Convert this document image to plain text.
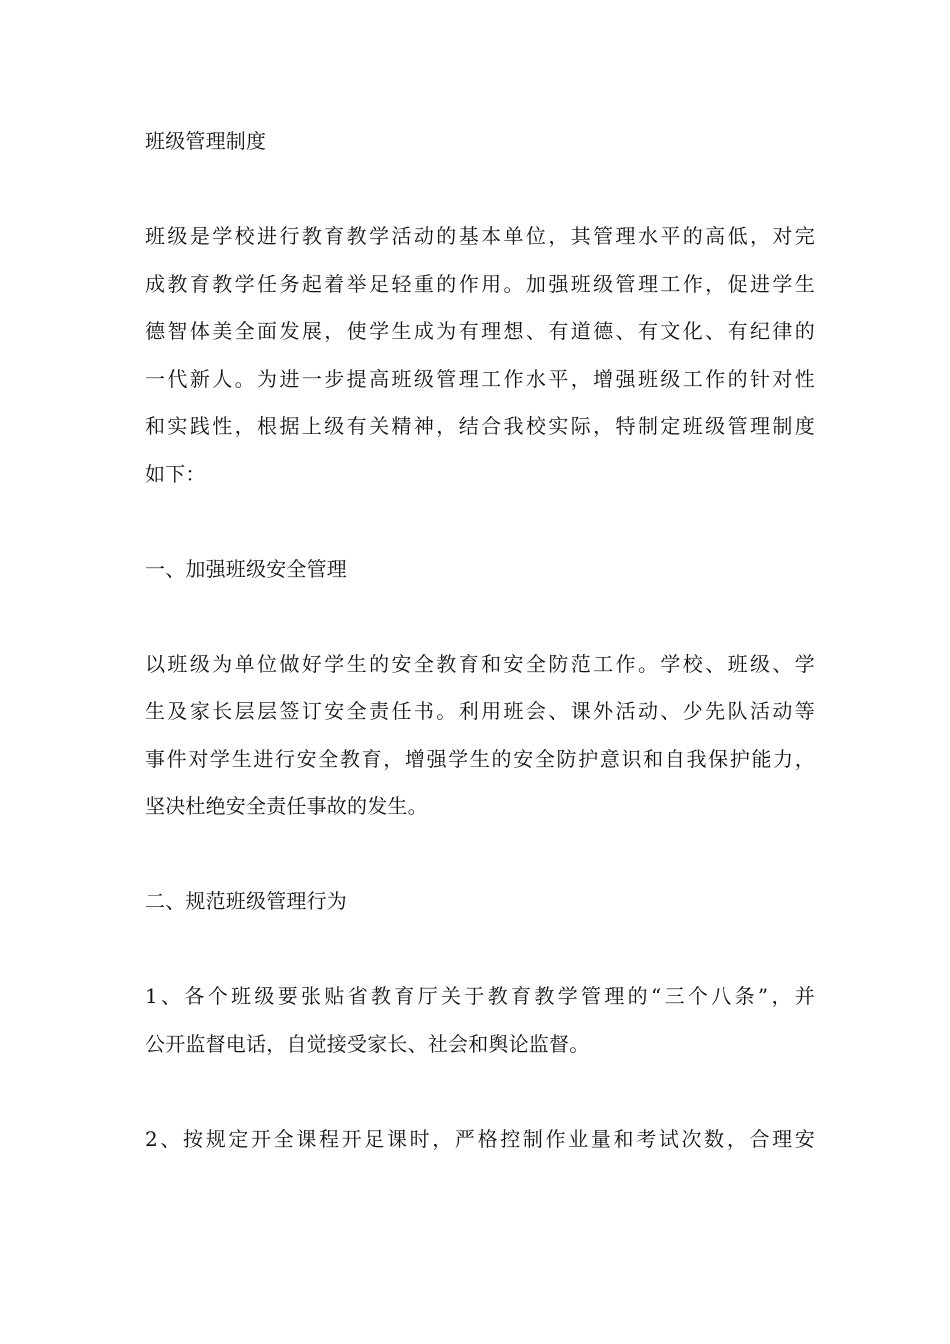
班级管理制度
班级是学校进行教育教学活动的基本单位，其管理水平的高低，对完
成教育教学任务起着举足轻重的作用。加强班级管理工作，促进学生
德智体美全面发展，使学生成为有理想、有道德、有文化、有纪律的
一代新人。为进一步提高班级管理工作水平，增强班级工作的针对性
和实践性，根据上级有关精神，结合我校实际，特制定班级管理制度
如下：
一、加强班级安全管理
以班级为单位做好学生的安全教育和安全防范工作。学校、班级、学
生及家长层层签订安全责任书。利用班会、课外活动、少先队活动等
事件对学生进行安全教育，增强学生的安全防护意识和自我保护能力，
坚决杜绝安全责任事故的发生。
二、规范班级管理行为
1、各个班级要张贴省教育厅关于教育教学管理的“三个八条”，并
公开监督电话，自觉接受家长、社会和舆论监督。
2、按规定开全课程开足课时，严格控制作业量和考试次数，合理安
